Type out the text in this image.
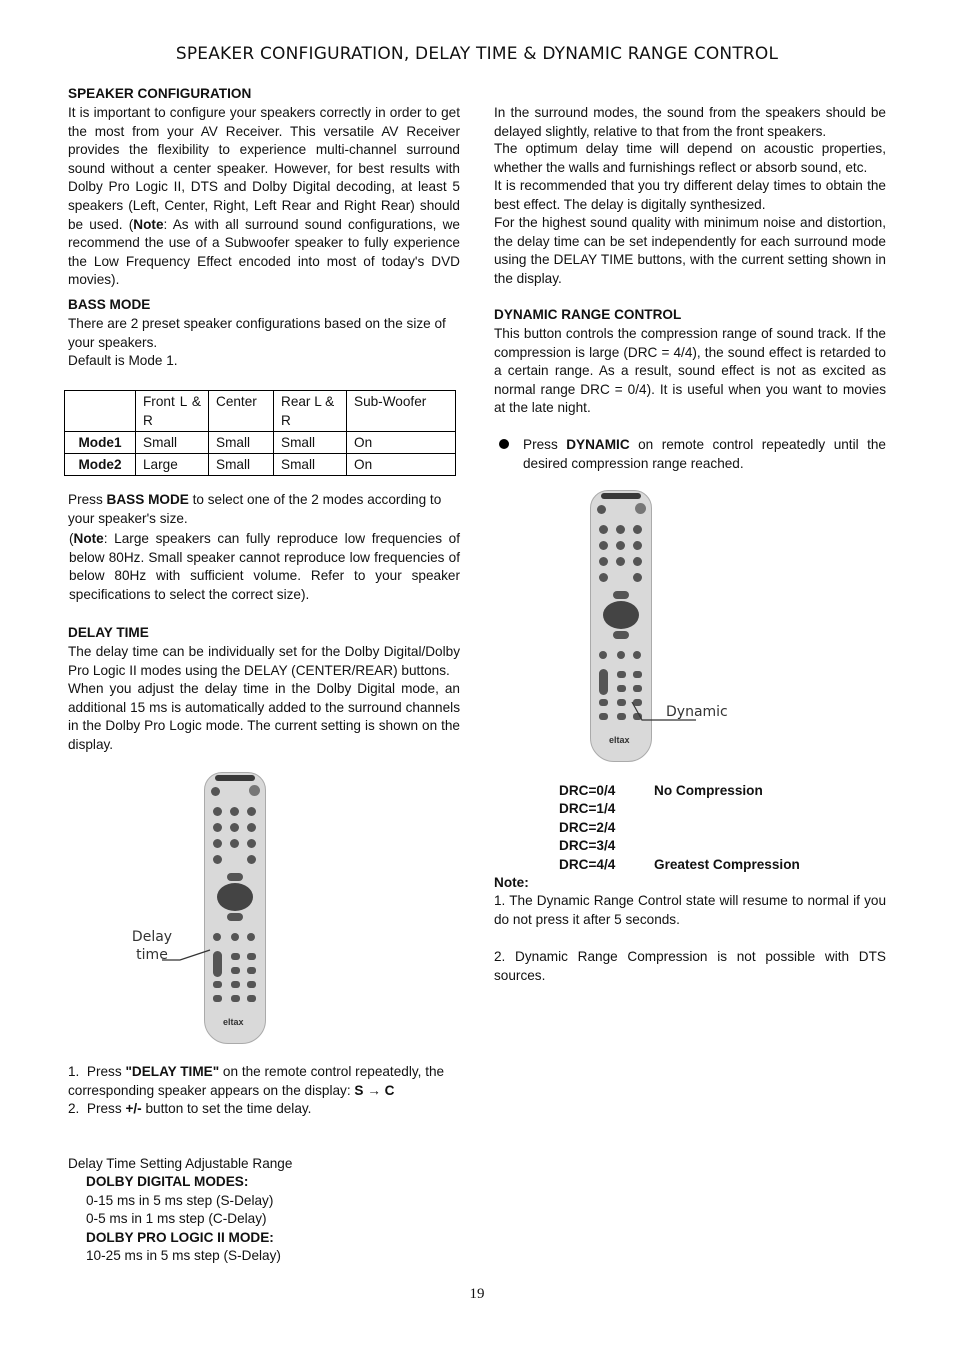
SPEAKER CONFIGURATION, DELAY TIME & DYNAMIC RANGE CONTROL
SPEAKER CONFIGURATION
It is important to configure your speakers correctly in order to get the most from your AV Receiver. This versatile AV Receiver provides the flexibility to experience multi-channel surround sound without a center speaker. However, for best results with Dolby Pro Logic II, DTS and Dolby Digital decoding, at least 5 speakers (Left, Center, Right, Left Rear and Right Rear) should be used. (Note: As with all surround sound configurations, we recommend the use of a Subwoofer speaker to fully experience the Low Frequency Effect encoded into most of today's DVD movies).
BASS MODE
There are 2 preset speaker configurations based on the size of your speakers.
Default is Mode 1.
	Front L & R	Center	Rear L & R	Sub-Woofer
Mode1	Small	Small	Small	On
Mode2	Large	Small	Small	On
Press BASS MODE to select one of the 2 modes according to your speaker's size.
(Note: Large speakers can fully reproduce low frequencies of below 80Hz. Small speaker cannot reproduce low frequencies of below 80Hz with sufficient volume. Refer to your speaker specifications to select the correct size).
DELAY TIME
The delay time can be individually set for the Dolby Digital/Dolby Pro Logic II modes using the DELAY (CENTER/REAR) buttons.
When you adjust the delay time in the Dolby Digital mode, an additional 15 ms is automatically added to the surround channels in the Dolby Pro Logic mode. The current setting is shown on the display.
eltax
Delay
time
1. Press "DELAY TIME" on the remote control repeatedly, the corresponding speaker appears on the display: S → C
2. Press +/- button to set the time delay.
Delay Time Setting Adjustable Range
DOLBY DIGITAL MODES:
0-15 ms in 5 ms step (S-Delay)
0-5 ms in 1 ms step (C-Delay)
DOLBY PRO LOGIC II MODE:
10-25 ms in 5 ms step (S-Delay)
In the surround modes, the sound from the speakers should be delayed slightly, relative to that from the front speakers.
The optimum delay time will depend on acoustic properties, whether the walls and furnishings reflect or absorb sound, etc.
It is recommended that you try different delay times to obtain the best effect. The delay is digitally synthesized.
For the highest sound quality with minimum noise and distortion, the delay time can be set independently for each surround mode using the DELAY TIME buttons, with the current setting shown in the display.
DYNAMIC RANGE CONTROL
This button controls the compression range of sound track. If the compression is large (DRC = 4/4), the sound effect is retarded to a certain range. As a result, sound effect is not as excited as normal range DRC = 0/4). It is useful when you want to movies at the late night.
Press DYNAMIC on remote control repeatedly until the desired compression range reached.
eltax
Dynamic
DRC=0/4	No Compression
DRC=1/4
DRC=2/4
DRC=3/4
DRC=4/4	Greatest Compression
Note:
1. The Dynamic Range Control state will resume to normal if you do not press it after 5 seconds.
2. Dynamic Range Compression is not possible with DTS sources.
19
